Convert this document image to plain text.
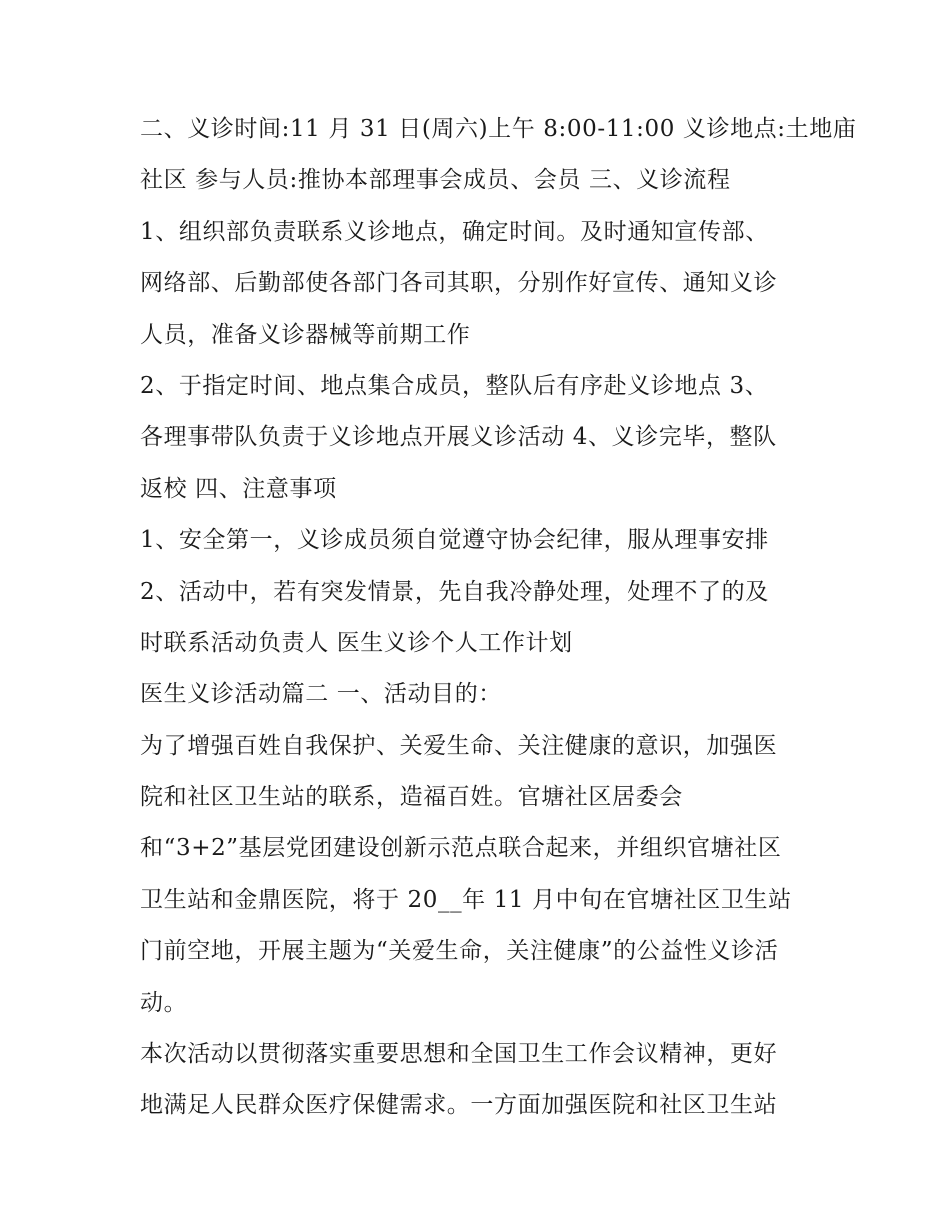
二、义诊时间:11 月 31 日(周六)上午 8:00-11:00 义诊地点:土地庙
社区 参与人员:推协本部理事会成员、会员 三、义诊流程
1、组织部负责联系义诊地点，确定时间。及时通知宣传部、
网络部、后勤部使各部门各司其职，分别作好宣传、通知义诊
人员，准备义诊器械等前期工作
2、于指定时间、地点集合成员，整队后有序赴义诊地点 3、
各理事带队负责于义诊地点开展义诊活动 4、义诊完毕，整队
返校 四、注意事项
1、安全第一，义诊成员须自觉遵守协会纪律，服从理事安排
2、活动中，若有突发情景，先自我冷静处理，处理不了的及
时联系活动负责人 医生义诊个人工作计划
医生义诊活动篇二 一、活动目的：
为了增强百姓自我保护、关爱生命、关注健康的意识，加强医
院和社区卫生站的联系，造福百姓。官塘社区居委会
和“3+2”基层党团建设创新示范点联合起来，并组织官塘社区
卫生站和金鼎医院，将于 20__年 11 月中旬在官塘社区卫生站
门前空地，开展主题为“关爱生命，关注健康”的公益性义诊活
动。
本次活动以贯彻落实重要思想和全国卫生工作会议精神，更好
地满足人民群众医疗保健需求。一方面加强医院和社区卫生站
